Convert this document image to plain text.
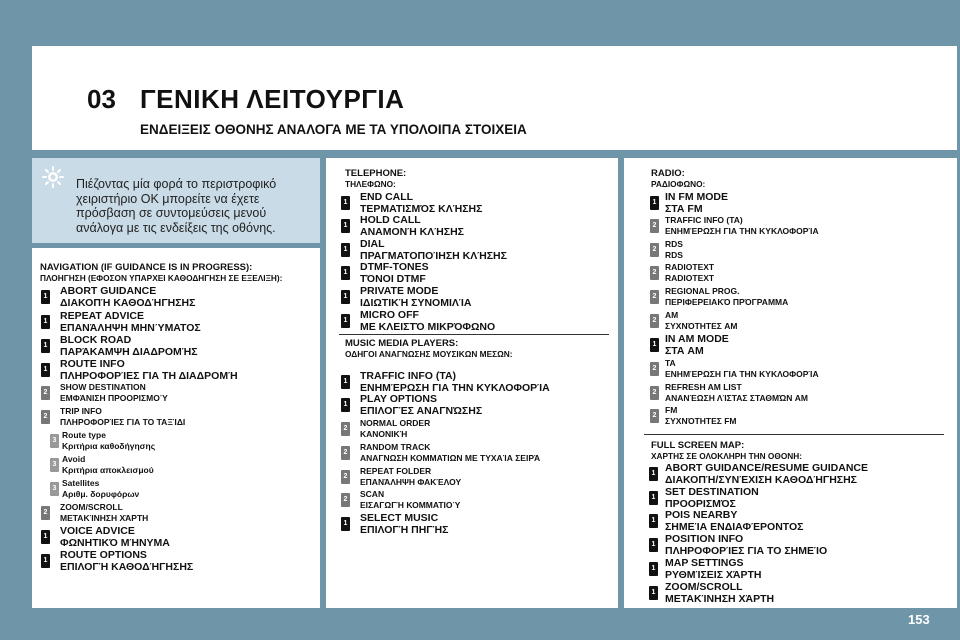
03 ΓΕΝΙΚΗ ΛΕΙΤΟΥΡΓΙΑ
ΕΝΔΕΙΞΕΙΣ ΟΘΟΝΗΣ ΑΝΑΛΟΓΑ ΜΕ ΤΑ ΥΠΟΛΟΙΠΑ ΣΤΟΙΧΕΙΑ
Πιέζοντας μία φορά το περιστροφικό χειριστήριο OK μπορείτε να έχετε πρόσβαση σε συντομεύσεις μενού ανάλογα με τις ενδείξεις της οθόνης.
NAVIGATION (IF GUIDANCE IS IN PROGRESS):
ΠΛΟΗΓΗΣΗ (ΕΦΟΣΟΝ ΥΠΑΡΧΕΙ ΚΑΘΟΔΗΓΗΣΗ ΣΕ ΕΞΕΛΙΞΗ):
1 ABORT GUIDANCE
ΔΙΑΚΟΠΉ ΚΑΘΟΔΉΓΗΣΗΣ
1 REPEAT ADVICE
ΕΠΑΝΆΛΗΨΗ ΜΗΝΎΜΑΤΟΣ
1 BLOCK ROAD
ΠΑΡΆΚΑΜΨΗ ΔΙΑΔΡΟΜΉΣ
1 ROUTE INFO
ΠΛΗΡΟΦΟΡΊΕΣ ΓΙΑ ΤΗ ΔΙΑΔΡΟΜΉ
2
SHOW DESTINATION
ΕΜΦΆΝΙΣΗ ΠΡΟΟΡΙΣΜΟΎ
2
TRIP INFO
ΠΛΗΡΟΦΟΡΊΕΣ ΓΙΑ ΤΟ ΤΑΞΊΔΙ
3
Route type
Κριτήρια καθοδήγησης
3
Avoid
Κριτήρια αποκλεισμού
3
Satellites
Αριθμ. δορυφόρων
2
ZOOM/SCROLL
ΜΕΤΑΚΊΝΗΣΗ ΧΆΡΤΗ
1 VOICE ADVICE
ΦΩΝΗΤΙΚΌ ΜΉΝΥΜΑ
1 ROUTE OPTIONS
ΕΠΙΛΟΓΉ ΚΑΘΟΔΉΓΗΣΗΣ
TELEPHONE:
ΤΗΛΕΦΩΝΟ:
1 END CALL
ΤΕΡΜΑΤΙΣΜΌΣ ΚΛΉΣΗΣ
1 HOLD CALL
ΑΝΑΜΟΝΉ ΚΛΉΣΗΣ
1 DIAL
ΠΡΑΓΜΑΤΟΠΟΊΗΣΗ ΚΛΉΣΗΣ
1 DTMF-TONES
ΤΌΝΟΙ DTMF
1 PRIVATE MODE
ΙΔΙΩΤΙΚΉ ΣΥΝΟΜΙΛΊΑ
1 MICRO OFF
ΜΕ ΚΛΕΙΣΤΌ ΜΙΚΡΌΦΩΝΟ
MUSIC MEDIA PLAYERS:
ΟΔΗΓΟΙ ΑΝΑΓΝΩΣΗΣ ΜΟΥΣΙΚΩΝ ΜΕΣΩΝ:
1 TRAFFIC INFO (TA)
ΕΝΗΜΈΡΩΣΗ ΓΙΑ ΤΗΝ ΚΥΚΛΟΦΟΡΊΑ
1 PLAY OPTIONS
ΕΠΙΛΟΓΈΣ ΑΝΑΓΝΏΣΗΣ
2
NORMAL ORDER
ΚΑΝΟΝΙΚΉ
2
RANDOM TRACK
ΑΝΑΓΝΩΣΗ ΚΟΜΜΑΤΙΩΝ ΜΕ ΤΥΧΑΊΑ ΣΕΙΡΆ
2
REPEAT FOLDER
ΕΠΑΝΆΛΗΨΗ ΦΑΚΈΛΟΥ
2
SCAN
ΕΙΣΑΓΩΓΉ ΚΟΜΜΑΤΙΟΎ
1 SELECT MUSIC
ΕΠΙΛΟΓΉ ΠΗΓΉΣ
RADIO:
ΡΑΔΙΟΦΩΝΟ:
1 IN FM MODE
ΣΤΑ FM
2
TRAFFIC INFO (TA)
ΕΝΗΜΈΡΩΣΗ ΓΙΑ ΤΗΝ ΚΥΚΛΟΦΟΡΊΑ
2
RDS
RDS
2
RADIOTEXT
RADIOTEXT
2
REGIONAL PROG.
ΠΕΡΙΦΕΡΕΙΑΚΌ ΠΡΌΓΡΑΜΜΑ
2
AM
ΣΥΧΝΌΤΗΤΕΣ AM
1 IN AM MODE
ΣΤΑ AM
2
TA
ΕΝΗΜΈΡΩΣΗ ΓΙΑ ΤΗΝ ΚΥΚΛΟΦΟΡΊΑ
2
REFRESH AM LIST
ΑΝΑΝΈΩΣΗ ΛΊΣΤΑΣ ΣΤΑΘΜΏΝ AM
2
FM
ΣΥΧΝΌΤΗΤΕΣ FM
FULL SCREEN MAP:
ΧΑΡΤΗΣ ΣΕ ΟΛΟΚΛΗΡΗ ΤΗΝ ΟΘΟΝΗ:
1 ABORT GUIDANCE/RESUME GUIDANCE
ΔΙΑΚΟΠΉ/ΣΥΝΈΧΙΣΗ ΚΑΘΟΔΉΓΗΣΗΣ
1 SET DESTINATION
ΠΡΟΟΡΙΣΜΌΣ
1 POIS NEARBY
ΣΗΜΕΊΑ ΕΝΔΙΑΦΈΡΟΝΤΟΣ
1 POSITION INFO
ΠΛΗΡΟΦΟΡΊΕΣ ΓΙΑ ΤΟ ΣΗΜΕΊΟ
1 MAP SETTINGS
ΡΥΘΜΊΣΕΙΣ ΧΆΡΤΗ
1 ZOOM/SCROLL
ΜΕΤΑΚΊΝΗΣΗ ΧΆΡΤΗ
153
